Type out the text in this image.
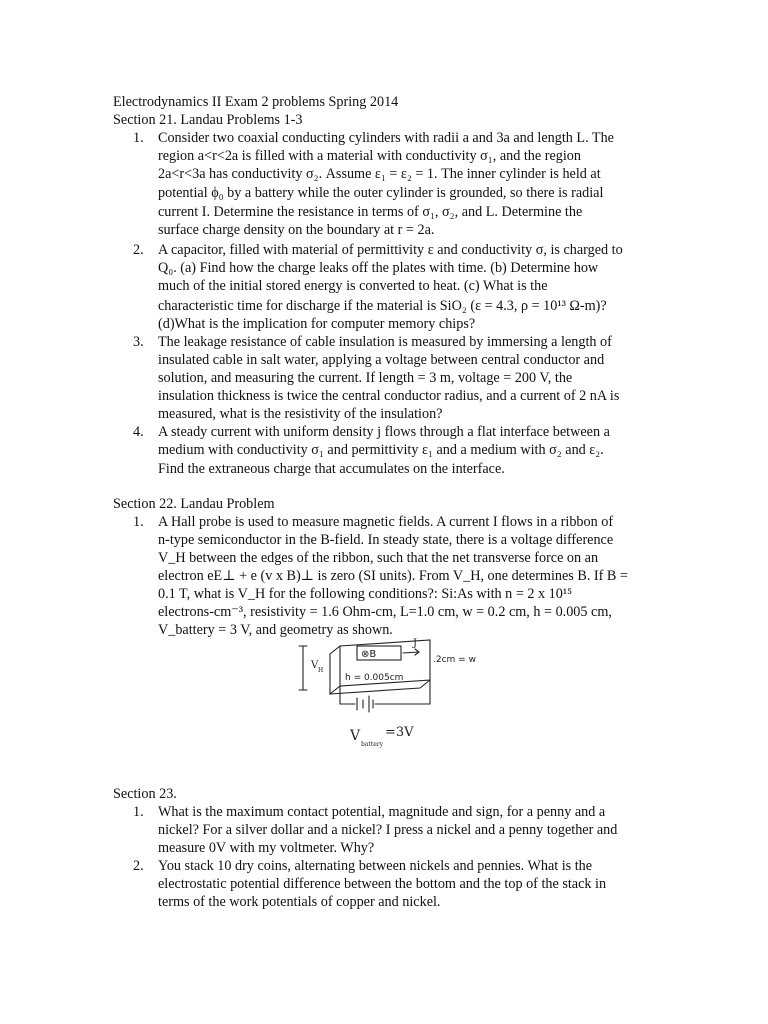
Electrodynamics II Exam 2 problems Spring 2014
Section 21. Landau Problems 1-3
1. Consider two coaxial conducting cylinders with radii a and 3a and length L. The
region a<r<2a is filled with a material with conductivity σ₁, and the region
2a<r<3a has conductivity σ₂. Assume ε₁ = ε₂ = 1. The inner cylinder is held at
potential ϕ₀ by a battery while the outer cylinder is grounded, so there is radial
current I. Determine the resistance in terms of σ₁, σ₂, and L. Determine the
surface charge density on the boundary at r = 2a.
2. A capacitor, filled with material of permittivity ε and conductivity σ, is charged to
Q₀. (a) Find how the charge leaks off the plates with time. (b) Determine how
much of the initial stored energy is converted to heat. (c) What is the
characteristic time for discharge if the material is SiO₂ (ε = 4.3, ρ = 10¹³ Ω-m)?
(d)What is the implication for computer memory chips?
3. The leakage resistance of cable insulation is measured by immersing a length of
insulated cable in salt water, applying a voltage between central conductor and
solution, and measuring the current. If length = 3 m, voltage = 200 V, the
insulation thickness is twice the central conductor radius, and a current of 2 nA is
measured, what is the resistivity of the insulation?
4. A steady current with uniform density j flows through a flat interface between a
medium with conductivity σ₁ and permittivity ε₁ and a medium with σ₂ and ε₂.
Find the extraneous charge that accumulates on the interface.
Section 22. Landau Problem
1. A Hall probe is used to measure magnetic fields. A current I flows in a ribbon of
n-type semiconductor in the B-field. In steady state, there is a voltage difference
V_H between the edges of the ribbon, such that the net transverse force on an
electron eE⊥ + e (v x B)⊥ is zero (SI units). From V_H, one determines B. If B =
0.1 T, what is V_H for the following conditions?: Si:As with n = 2 x 10¹⁵
electrons-cm⁻³, resistivity = 1.6 Ohm-cm, L=1.0 cm, w = 0.2 cm, h = 0.005 cm,
V_battery = 3 V, and geometry as shown.
V H
⊗B
J
.2cm = w
h = 0.005cm
V
battery
=3V
Section 23.
1. What is the maximum contact potential, magnitude and sign, for a penny and a
nickel? For a silver dollar and a nickel? I press a nickel and a penny together and
measure 0V with my voltmeter. Why?
2. You stack 10 dry coins, alternating between nickels and pennies. What is the
electrostatic potential difference between the bottom and the top of the stack in
terms of the work potentials of copper and nickel.
